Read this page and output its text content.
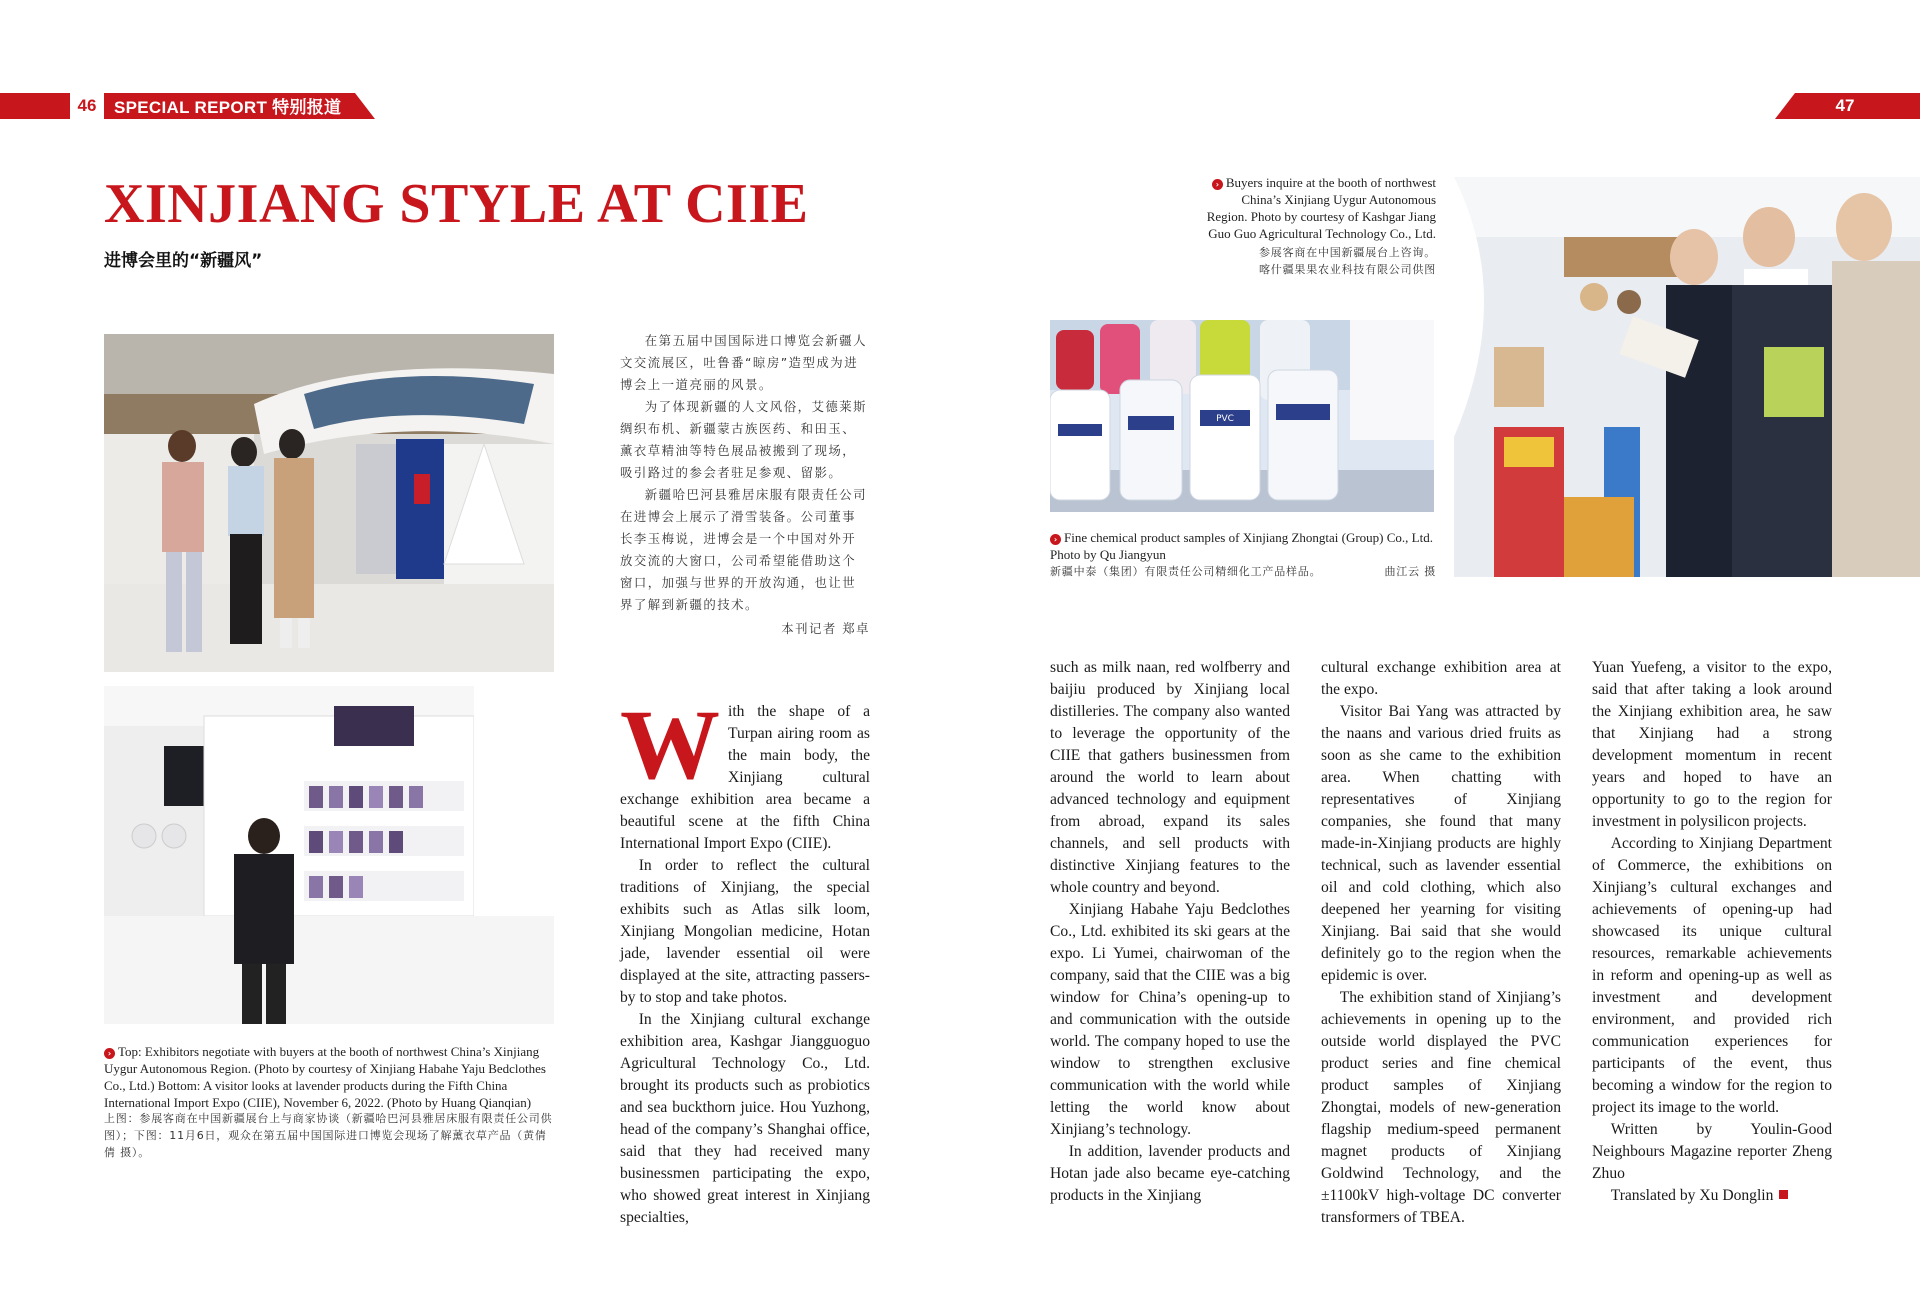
46	SPECIAL REPORT 特别报道	47
XINJIANG STYLE AT CIIE
进博会里的“新疆风”
PVC

在第五届中国国际进口博览会新疆人文交流展区，吐鲁番“晾房”造型成为进博会上一道亮丽的风景。

为了体现新疆的人文风俗，艾德莱斯绸织布机、新疆蒙古族医药、和田玉、薰衣草精油等特色展品被搬到了现场，吸引路过的参会者驻足参观、留影。

新疆哈巴河县雅居床服有限责任公司在进博会上展示了滑雪装备。公司董事长李玉梅说，进博会是一个中国对外开放交流的大窗口，公司希望能借助这个窗口，加强与世界的开放沟通，也让世界了解到新疆的技术。

本刊记者 郑卓

› Buyers inquire at the booth of northwest China’s Xinjiang Uygur Autonomous Region. Photo by courtesy of Kashgar Jiang Guo Guo Agricultural Technology Co., Ltd.
参展客商在中国新疆展台上咨询。
喀什疆果果农业科技有限公司供图
› Fine chemical product samples of Xinjiang Zhongtai (Group) Co., Ltd. Photo by Qu Jiangyun
新疆中泰（集团）有限责任公司精细化工产品样品。	曲江云 摄
› Top: Exhibitors negotiate with buyers at the booth of northwest China’s Xinjiang Uygur Autonomous Region. (Photo by courtesy of Xinjiang Habahe Yaju Bedclothes Co., Ltd.) Bottom: A visitor looks at lavender products during the Fifth China International Import Expo (CIIE), November 6, 2022. (Photo by Huang Qianqian)
上图：参展客商在中国新疆展台上与商家协谈（新疆哈巴河县雅居床服有限责任公司供图）；下图：11月6日，观众在第五届中国国际进口博览会现场了解薰衣草产品（黄倩倩 摄）。
W ith the shape of a Turpan airing room as the main body, the Xinjiang cultural exchange exhibition area became a beautiful scene at the fifth China International Import Expo (CIIE).

In order to reflect the cultural traditions of Xinjiang, the special exhibits such as Atlas silk loom, Xinjiang Mongolian medicine, Hotan jade, lavender essential oil were displayed at the site, attracting passers-by to stop and take photos.

In the Xinjiang cultural exchange exhibition area, Kashgar Jiangguoguo Agricultural Technology Co., Ltd. brought its products such as probiotics and sea buckthorn juice. Hou Yuzhong, head of the company’s Shanghai office, said that they had received many businessmen participating the expo, who showed great interest in Xinjiang specialties,

such as milk naan, red wolfberry and baijiu produced by Xinjiang local distilleries. The company also wanted to leverage the opportunity of the CIIE that gathers businessmen from around the world to learn about advanced technology and equipment from abroad, expand its sales channels, and sell products with distinctive Xinjiang features to the whole country and beyond.

Xinjiang Habahe Yaju Bedclothes Co., Ltd. exhibited its ski gears at the expo. Li Yumei, chairwoman of the company, said that the CIIE was a big window for China’s opening-up to and communication with the outside world. The company hoped to use the window to strengthen exclusive communication with the world while letting the world know about Xinjiang’s technology.

In addition, lavender products and Hotan jade also became eye-catching products in the Xinjiang

cultural exchange exhibition area at the expo.

Visitor Bai Yang was attracted by the naans and various dried fruits as soon as she came to the exhibition area. When chatting with representatives of Xinjiang companies, she found that many made-in-Xinjiang products are highly technical, such as lavender essential oil and cold clothing, which also deepened her yearning for visiting Xinjiang. Bai said that she would definitely go to the region when the epidemic is over.

The exhibition stand of Xinjiang’s achievements in opening up to the outside world displayed the PVC product series and fine chemical product samples of Xinjiang Zhongtai, models of new-generation flagship medium-speed permanent magnet products of Xinjiang Goldwind Technology, and the ±1100kV high-voltage DC converter transformers of TBEA.

Yuan Yuefeng, a visitor to the expo, said that after taking a look around the Xinjiang exhibition area, he saw that Xinjiang had a strong development momentum in recent years and hoped to have an opportunity to go to the region for investment in polysilicon projects.

According to Xinjiang Department of Commerce, the exhibitions on Xinjiang’s cultural exchanges and achievements of opening-up had showcased its unique cultural resources, remarkable achievements in reform and opening-up as well as investment and development environment, and provided rich communication experiences for participants of the event, thus becoming a window for the region to project its image to the world.

Written by Youlin-Good Neighbours Magazine reporter Zheng Zhuo

Translated by Xu Donglin
